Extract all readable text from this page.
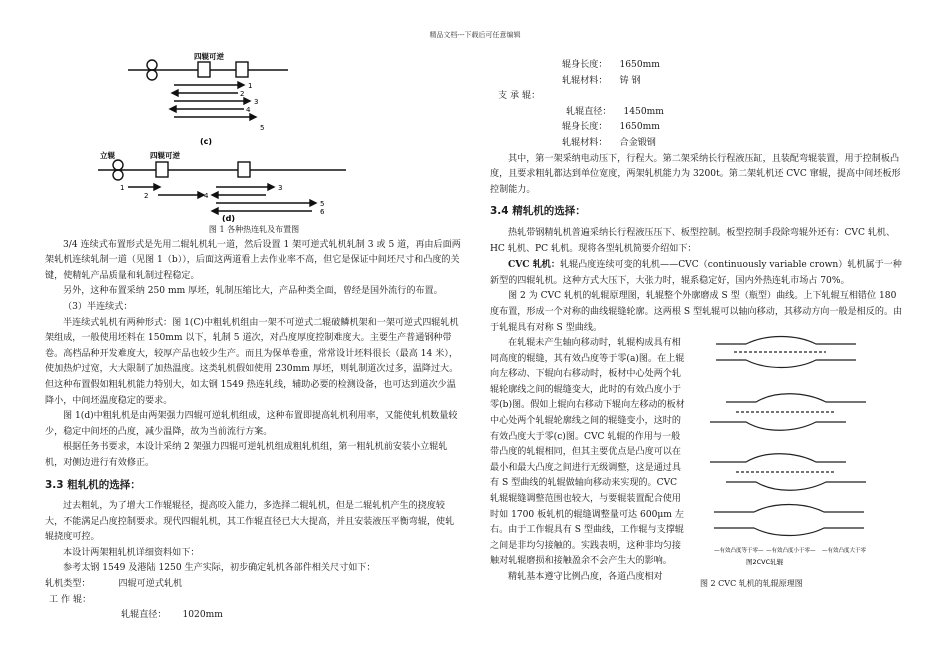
精品文档---下载后可任意编辑
四辊可逆
1
2
3
4
5
(c)
立辊	四辊可逆
1
2
3
4
5
6
(d)

图 1 各种热连轧及布置图

3/4 连续式布置形式是先用二辊轧机轧一道，然后设置 1 架可逆式轧机轧制 3 或 5 道，再由后面两架轧机连续轧制一道（见图 1（b）），后面这两道看上去作业率不高，但它是保证中间坯尺寸和凸度的关键，使精轧产品质量和轧制过程稳定。

另外，这种布置采纳 250 mm 厚坯，轧制压缩比大，产品种类全面，曾经是国外流行的布置。

（3）半连续式：

半连续式轧机有两种形式：图 1(C)中粗轧机组由一架不可逆式二辊破鳞机架和一架可逆式四辊轧机架组成，一般使用坯料在 150mm 以下，轧制 5 道次，对凸度厚度控制难度大。主要生产普通钢种带卷。高档品种开发难度大，较厚产品也较少生产。而且为保单卷重，常常设计坯料很长（最高 14 米），使加热炉过宽，大大限制了加热温度。这类轧机假如使用 230mm 厚坯，则轧制道次过多，温降过大。但这种布置假如粗轧机能力特别大，如太钢 1549 热连轧线，辅助必要的检测设备，也可达到道次少温降小，中间坯温度稳定的要求。

图 1(d)中粗轧机是由两架强力四辊可逆轧机组成，这种布置即提高轧机利用率，又能使轧机数量较少，稳定中间坯的凸度，减少温降，故为当前流行方案。

根据任务书要求，本设计采纳 2 架强力四辊可逆轧机组成粗轧机组，第一粗轧机前安装小立辊轧机，对侧边进行有效修正。

3.3 粗轧机的选择：

过去粗轧，为了增大工作辊辊径，提高咬入能力，多选择二辊轧机，但是二辊轧机产生的挠度较大，不能满足凸度控制要求。现代四辊轧机，其工作辊直径已大大提高，并且安装液压平衡弯辊，使轧辊挠度可控。

本设计两架粗轧机详细资料如下：

参考太钢 1549 及港陆 1250 生产实际，初步确定轧机各部件相关尺寸如下：

轧机类型：	四辊可逆式轧机

工 作 辊：

轧辊直径： 1020mm

辊身长度： 1650mm

轧辊材料： 铸 钢

支 承 辊：

轧辊直径： 1450mm

辊身长度： 1650mm

轧辊材料： 合金锻钢

其中，第一架采纳电动压下，行程大。第二架采纳长行程液压缸，且装配弯辊装置，用于控制板凸度，且要求粗轧都达到单位宽度，两架轧机能力为 3200t。第二架轧机还 CVC 窜辊，提高中间坯板形控制能力。

3.4 精轧机的选择：

热轧带钢精轧机普遍采纳长行程液压压下、板型控制。板型控制手段除弯辊外还有：CVC 轧机、HC 轧机、PC 轧机。现将各型轧机简要介绍如下：

CVC 轧机：轧辊凸度连续可变的轧机——CVC（continuously variable crown）轧机属于一种新型的四辊轧机。这种方式大压下，大张力时，辊系稳定好，国内外热连轧市场占 70%。

图 2 为 CVC 轧机的轧辊原理图，轧辊整个外廓磨成 S 型（瓶型）曲线。上下轧辊互相错位 180 度布置，形成一个对称的曲线辊缝轮廓。这两根 S 型轧辊可以轴向移动，其移动方向一般是相反的。由于轧辊具有对称 S 型曲线。

在轧辊未产生轴向移动时，轧辊构成具有相同高度的辊缝，其有效凸度等于零(a)图。在上辊向左移动、下辊向右移动时，板材中心处两个轧辊轮廓线之间的辊缝变大，此时的有效凸度小于零(b)图。假如上辊向右移动下辊向左移动的板材中心处两个轧辊轮廓线之间的辊缝变小，这时的有效凸度大于零(c)图。CVC 轧辊的作用与一般带凸度的轧辊相同，但其主要优点是凸度可以在最小和最大凸度之间进行无级调整，这是通过具有 S 型曲线的轧辊做轴向移动来实现的。CVC 轧辊辊缝调整范围也较大，与要辊装置配合使用时如 1700 板轧机的辊缝调整量可达 600μm 左右。由于工作辊具有 S 型曲线，工作辊与支撑辊之间是非均匀接触的。实践表明，这种非均匀接触对轧辊磨损和接触盈余不会产生大的影响。

精轧基本遵守比例凸度，各道凸度相对

—有效凸度等于零— —有效凸度小于零— —有效凸度大于零
图2CVC轧辊
图 2 CVC 轧机的轧辊原理图
